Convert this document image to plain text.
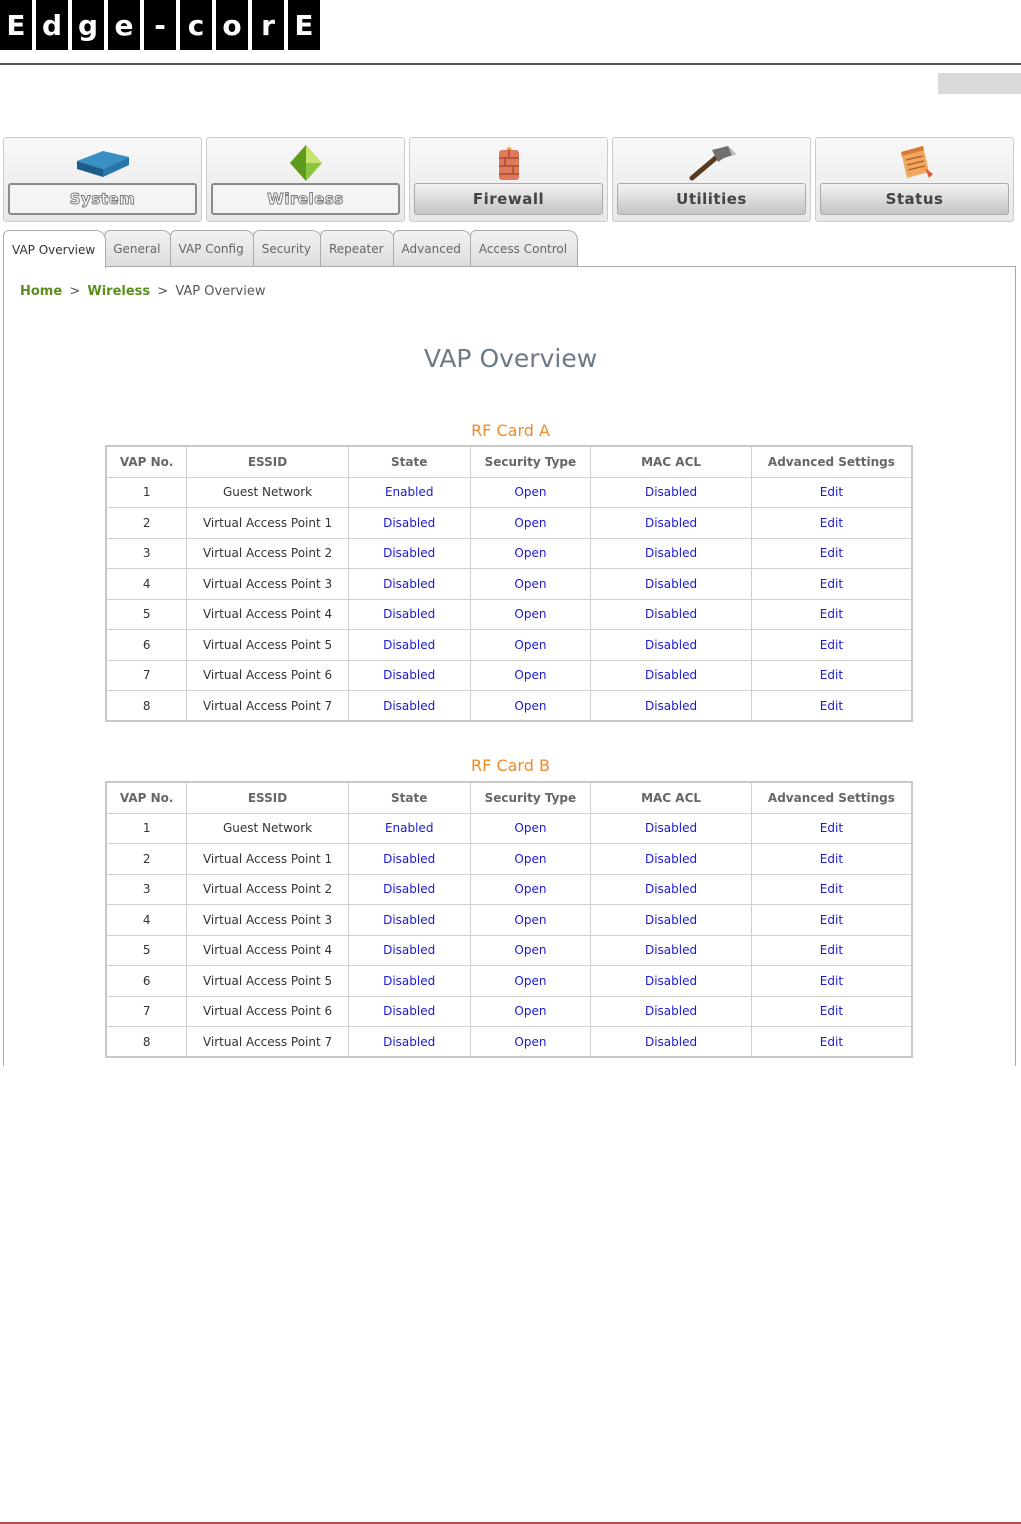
E d g e - c o r E
System	Wireless	Firewall	Utilities	Status
VAP Overview	General	VAP Config	Security	Repeater	Advanced	Access Control
Home > Wireless > VAP Overview
VAP Overview
RF Card A
VAP No.	ESSID	State	Security Type	MAC ACL	Advanced Settings
1	Guest Network	Enabled	Open	Disabled	Edit
2	Virtual Access Point 1	Disabled	Open	Disabled	Edit
3	Virtual Access Point 2	Disabled	Open	Disabled	Edit
4	Virtual Access Point 3	Disabled	Open	Disabled	Edit
5	Virtual Access Point 4	Disabled	Open	Disabled	Edit
6	Virtual Access Point 5	Disabled	Open	Disabled	Edit
7	Virtual Access Point 6	Disabled	Open	Disabled	Edit
8	Virtual Access Point 7	Disabled	Open	Disabled	Edit
RF Card B
VAP No.	ESSID	State	Security Type	MAC ACL	Advanced Settings
1	Guest Network	Enabled	Open	Disabled	Edit
2	Virtual Access Point 1	Disabled	Open	Disabled	Edit
3	Virtual Access Point 2	Disabled	Open	Disabled	Edit
4	Virtual Access Point 3	Disabled	Open	Disabled	Edit
5	Virtual Access Point 4	Disabled	Open	Disabled	Edit
6	Virtual Access Point 5	Disabled	Open	Disabled	Edit
7	Virtual Access Point 6	Disabled	Open	Disabled	Edit
8	Virtual Access Point 7	Disabled	Open	Disabled	Edit
